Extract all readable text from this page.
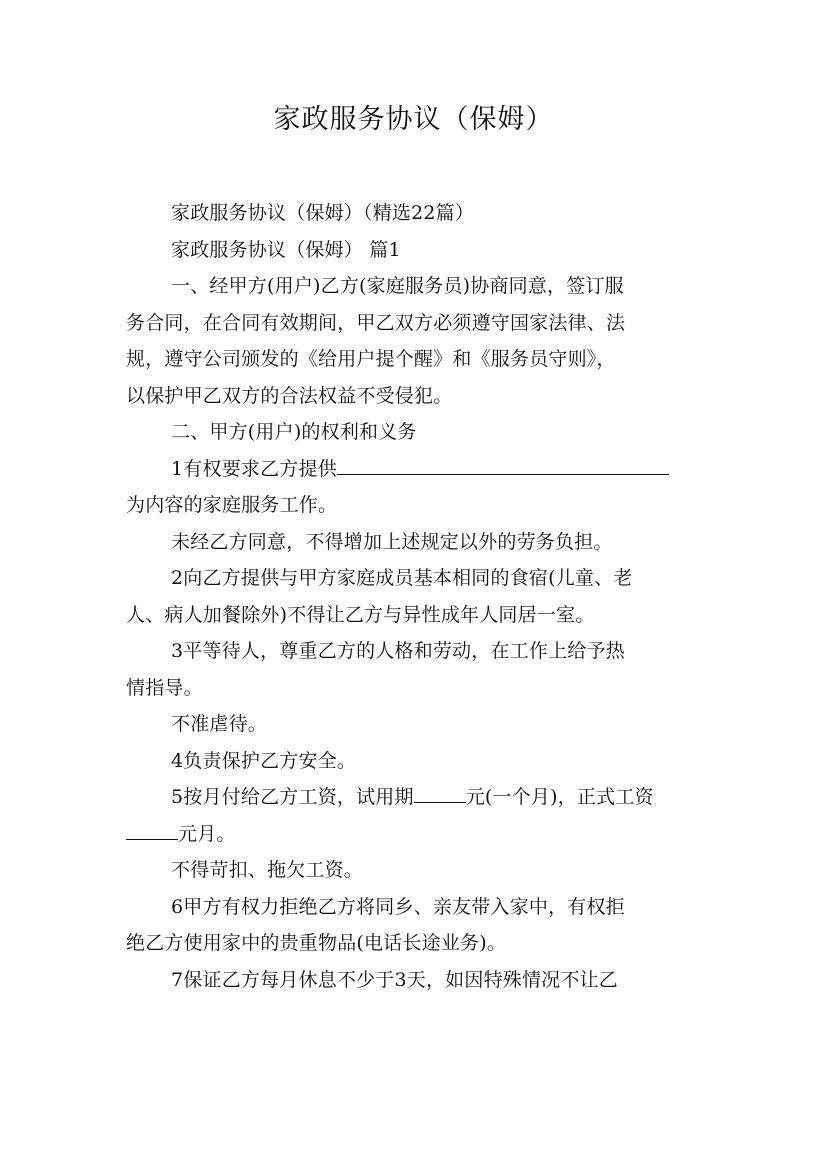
家政服务协议（保姆）
家政服务协议（保姆）（精选22篇）
家政服务协议（保姆） 篇1
一、经甲方(用户)乙方(家庭服务员)协商同意，签订服
务合同，在合同有效期间，甲乙双方必须遵守国家法律、法
规，遵守公司颁发的《给用户提个醒》和《服务员守则》，
以保护甲乙双方的合法权益不受侵犯。
二、甲方(用户)的权利和义务
1有权要求乙方提供
为内容的家庭服务工作。
未经乙方同意，不得增加上述规定以外的劳务负担。
2向乙方提供与甲方家庭成员基本相同的食宿(儿童、老
人、病人加餐除外)不得让乙方与异性成年人同居一室。
3平等待人，尊重乙方的人格和劳动，在工作上给予热
情指导。
不准虐待。
4负责保护乙方安全。
5按月付给乙方工资，试用期	元(一个月)，正式工资
元月。
不得苛扣、拖欠工资。
6甲方有权力拒绝乙方将同乡、亲友带入家中，有权拒
绝乙方使用家中的贵重物品(电话长途业务)。
7保证乙方每月休息不少于3天，如因特殊情况不让乙
